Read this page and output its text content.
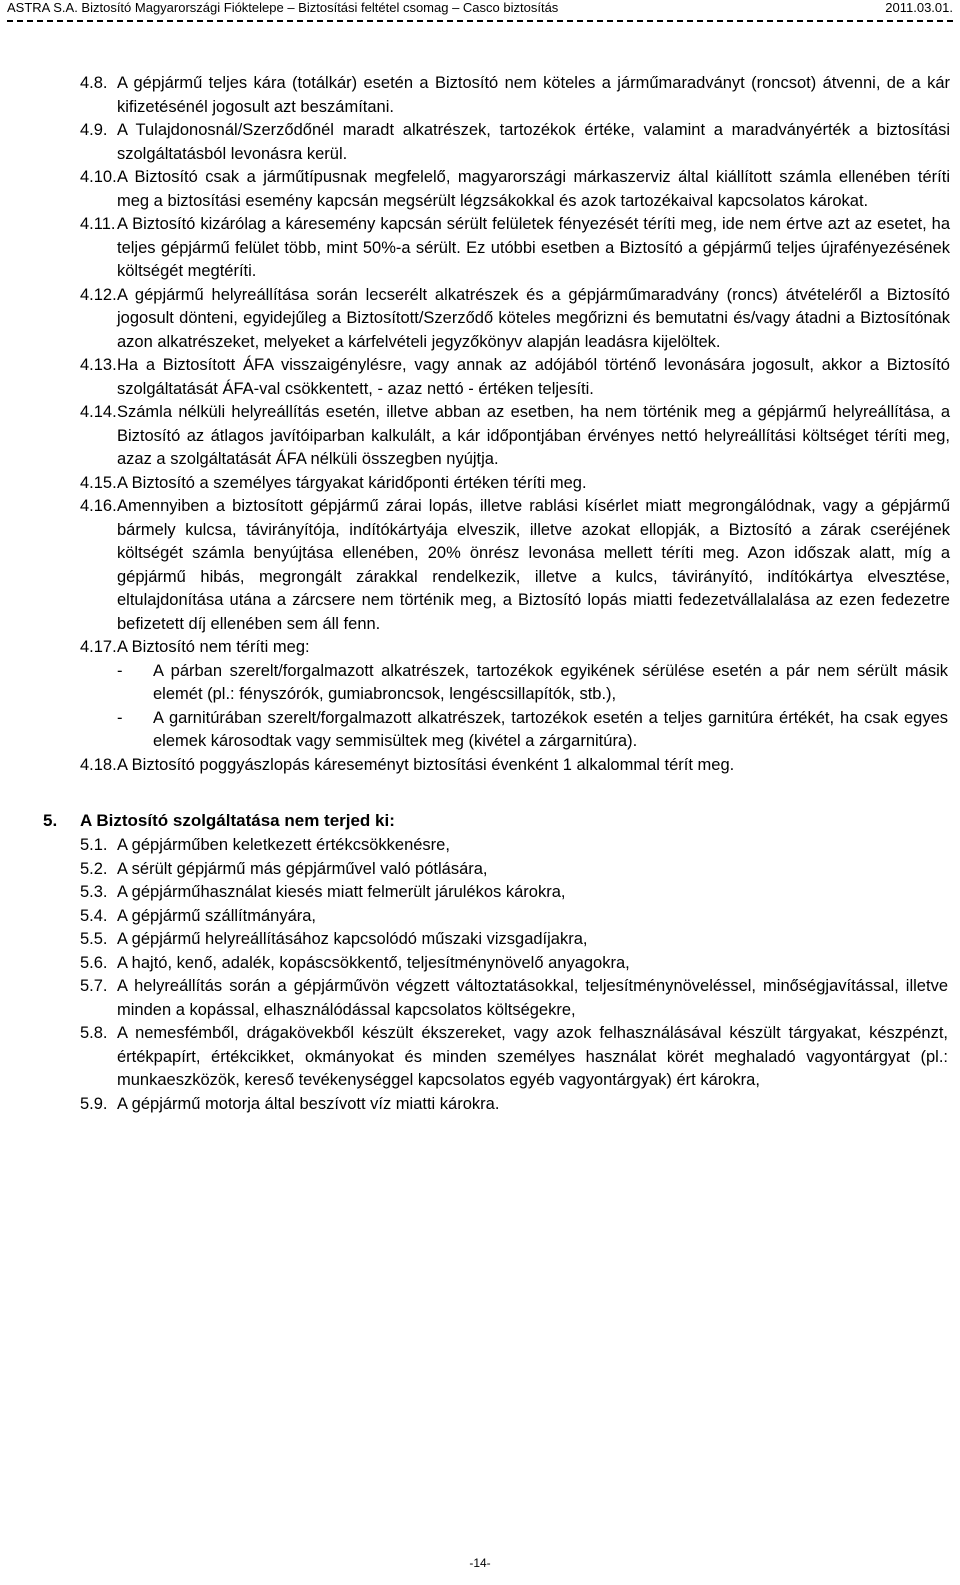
ASTRA S.A. Biztosító Magyarországi Fióktelepe – Biztosítási feltétel csomag – Casco biztosítás	2011.03.01.
4.8. A gépjármű teljes kára (totálkár) esetén a Biztosító nem köteles a járműmaradványt (roncsot) átvenni, de a kár kifizetésénél jogosult azt beszámítani.
4.9. A Tulajdonosnál/Szerződőnél maradt alkatrészek, tartozékok értéke, valamint a maradványérték a biztosítási szolgáltatásból levonásra kerül.
4.10. A Biztosító csak a járműtípusnak megfelelő, magyarországi márkaszerviz által kiállított számla ellenében téríti meg a biztosítási esemény kapcsán megsérült légzsákokkal és azok tartozékaival kapcsolatos károkat.
4.11. A Biztosító kizárólag a káresemény kapcsán sérült felületek fényezését téríti meg, ide nem értve azt az esetet, ha teljes gépjármű felület több, mint 50%-a sérült. Ez utóbbi esetben a Biztosító a gépjármű teljes újrafényezésének költségét megtéríti.
4.12. A gépjármű helyreállítása során lecserélt alkatrészek és a gépjárműmaradvány (roncs) átvételéről a Biztosító jogosult dönteni, egyidejűleg a Biztosított/Szerződő köteles megőrizni és bemutatni és/vagy átadni a Biztosítónak azon alkatrészeket, melyeket a kárfelvételi jegyzőkönyv alapján leadásra kijelöltek.
4.13. Ha a Biztosított ÁFA visszaigénylésre, vagy annak az adójából történő levonására jogosult, akkor a Biztosító szolgáltatását ÁFA-val csökkentett, - azaz nettó - értéken teljesíti.
4.14. Számla nélküli helyreállítás esetén, illetve abban az esetben, ha nem történik meg a gépjármű helyreállítása, a Biztosító az átlagos javítóiparban kalkulált, a kár időpontjában érvényes nettó helyreállítási költséget téríti meg, azaz a szolgáltatását ÁFA nélküli összegben nyújtja.
4.15. A Biztosító a személyes tárgyakat káridőponti értéken téríti meg.
4.16. Amennyiben a biztosított gépjármű zárai lopás, illetve rablási kísérlet miatt megrongálódnak, vagy a gépjármű bármely kulcsa, távirányítója, indítókártyája elveszik, illetve azokat ellopják, a Biztosító a zárak cseréjének költségét számla benyújtása ellenében, 20% önrész levonása mellett téríti meg. Azon időszak alatt, míg a gépjármű hibás, megrongált zárakkal rendelkezik, illetve a kulcs, távirányító, indítókártya elvesztése, eltulajdonítása utána a zárcsere nem történik meg, a Biztosító lopás miatti fedezetvállalalása az ezen fedezetre befizetett díj ellenében sem áll fenn.
4.17. A Biztosító nem téríti meg:
- A párban szerelt/forgalmazott alkatrészek, tartozékok egyikének sérülése esetén a pár nem sérült másik elemét (pl.: fényszórók, gumiabroncsok, lengéscsillapítók, stb.),
- A garnitúrában szerelt/forgalmazott alkatrészek, tartozékok esetén a teljes garnitúra értékét, ha csak egyes elemek károsodtak vagy semmisültek meg (kivétel a zárgarnitúra).
4.18. A Biztosító poggyászlopás káreseményt biztosítási évenként 1 alkalommal térít meg.
5. A Biztosító szolgáltatása nem terjed ki:
5.1. A gépjárműben keletkezett értékcsökkenésre,
5.2. A sérült gépjármű más gépjárművel való pótlására,
5.3. A gépjárműhasználat kiesés miatt felmerült járulékos károkra,
5.4. A gépjármű szállítmányára,
5.5. A gépjármű helyreállításához kapcsolódó műszaki vizsgadíjakra,
5.6. A hajtó, kenő, adalék, kopáscsökkentő, teljesítménynövelő anyagokra,
5.7. A helyreállítás során a gépjárművön végzett változtatásokkal, teljesítménynöveléssel, minőségjavítással, illetve minden a kopással, elhasználódással kapcsolatos költségekre,
5.8. A nemesfémből, drágakövekből készült ékszereket, vagy azok felhasználásával készült tárgyakat, készpénzt, értékpapírt, értékcikket, okmányokat és minden személyes használat körét meghaladó vagyontárgyat (pl.: munkaeszközök, kereső tevékenységgel kapcsolatos egyéb vagyontárgyak) ért károkra,
5.9. A gépjármű motorja által beszívott víz miatti károkra.
-14-
